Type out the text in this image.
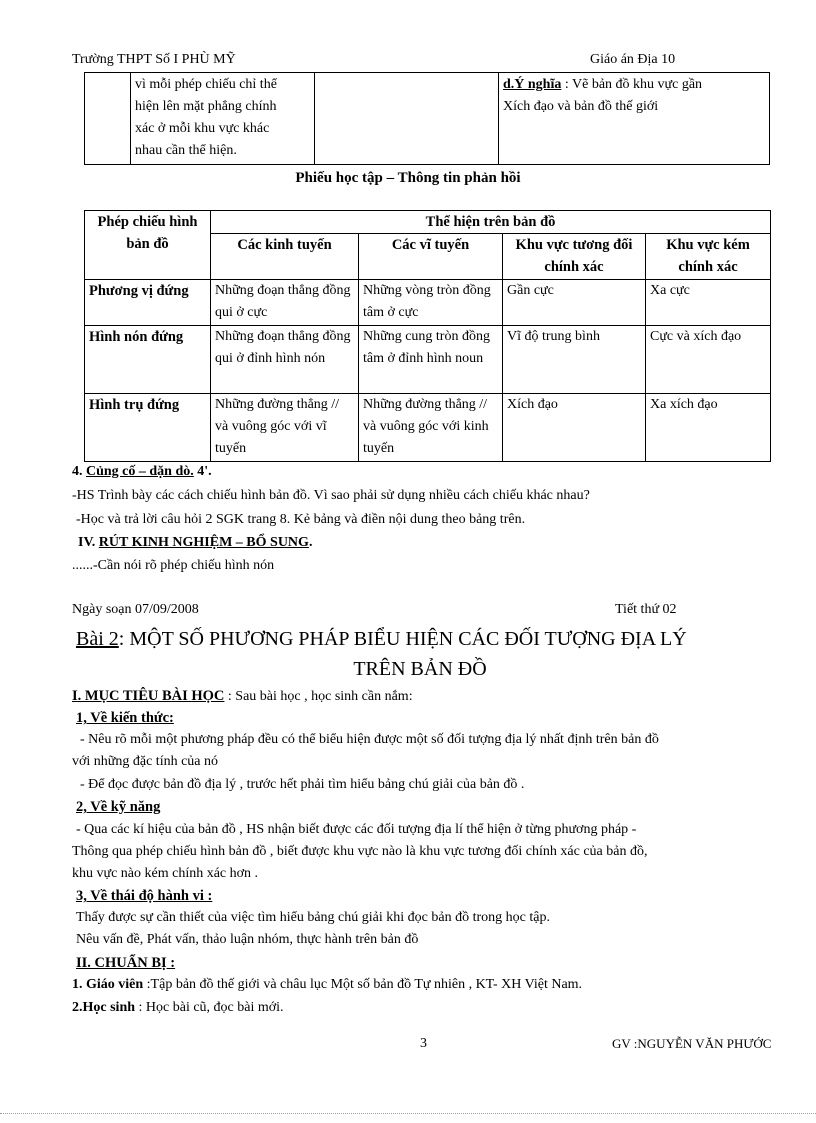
Trường THPT Số I PHÙ MỸ	Giáo án Địa 10

vì mỗi phép chiếu chỉ thể
hiện lên mặt phẳng chính
xác ở mỗi khu vực khác
nhau cần thể hiện.

d.Ý nghĩa : Vẽ bản đồ khu vực gần
Xích đạo và bản đồ thế giới
Phiếu học tập – Thông tin phản hồi
Phép chiếu hình bản đồ	Thể hiện trên bản đồ			
	Các kinh tuyến	Các vĩ tuyến	Khu vực tương đối chính xác	Khu vực kém chính xác
Phương vị đứng	Những đoạn thẳng đồng qui ở cực	Những vòng tròn đồng tâm ở cực	Gần cực	Xa cực
Hình nón đứng	Những đoạn thẳng đồng qui ở đỉnh hình nón	Những cung tròn đồng tâm ở đỉnh hình noun	Vĩ độ trung bình	Cực và xích đạo
Hình trụ đứng	Những đường thẳng // và vuông góc với vĩ tuyến	Những đường thẳng // và vuông góc với kinh tuyến	Xích đạo	Xa xích đạo
4. Củng cố – dặn dò. 4'.
-HS Trình bày các cách chiếu hình bản đồ. Vì sao phải sử dụng nhiều cách chiếu khác nhau?
-Học và trả lời câu hỏi 2 SGK trang 8. Kẻ bảng và điền nội dung theo bảng trên.
IV. RÚT KINH NGHIỆM – BỔ SUNG.
......-Cần nói rõ phép chiếu hình nón
Ngày soạn 07/09/2008	Tiết thứ 02
Bài 2: MỘT SỐ PHƯƠNG PHÁP BIỂU HIỆN CÁC ĐỐI TƯỢNG ĐỊA LÝ
TRÊN BẢN ĐỒ
I. MỤC TIÊU BÀI HỌC : Sau bài học , học sinh cần nắm:
1, Về kiến thức:
- Nêu rõ mỗi một phương pháp đều có thể biểu hiện được một số đối tượng địa lý nhất định trên bản đồ
với những đặc tính của nó
- Để đọc được bản đồ địa lý , trước hết phải tìm hiểu bảng chú giải của bản đồ .
2, Về kỹ năng
- Qua các kí hiệu của bản đồ , HS nhận biết được các đối tượng địa lí thể hiện ở từng phương pháp -
Thông qua phép chiếu hình bản đồ , biết được khu vực nào là khu vực tương đối chính xác của bản đồ,
khu vực nào kém chính xác hơn .
3, Về thái độ hành vi :
Thấy được sự cần thiết của việc tìm hiểu bảng chú giải khi đọc bản đồ trong học tập.
Nêu vấn đề, Phát vấn, thảo luận nhóm, thực hành trên bản đồ
II. CHUẨN BỊ :
1. Giáo viên :Tập bản đồ thế giới và châu lục Một số bản đồ Tự nhiên , KT- XH Việt Nam.
2.Học sinh : Học bài cũ, đọc bài mới.
3	GV :NGUYỄN VĂN PHƯỚC
